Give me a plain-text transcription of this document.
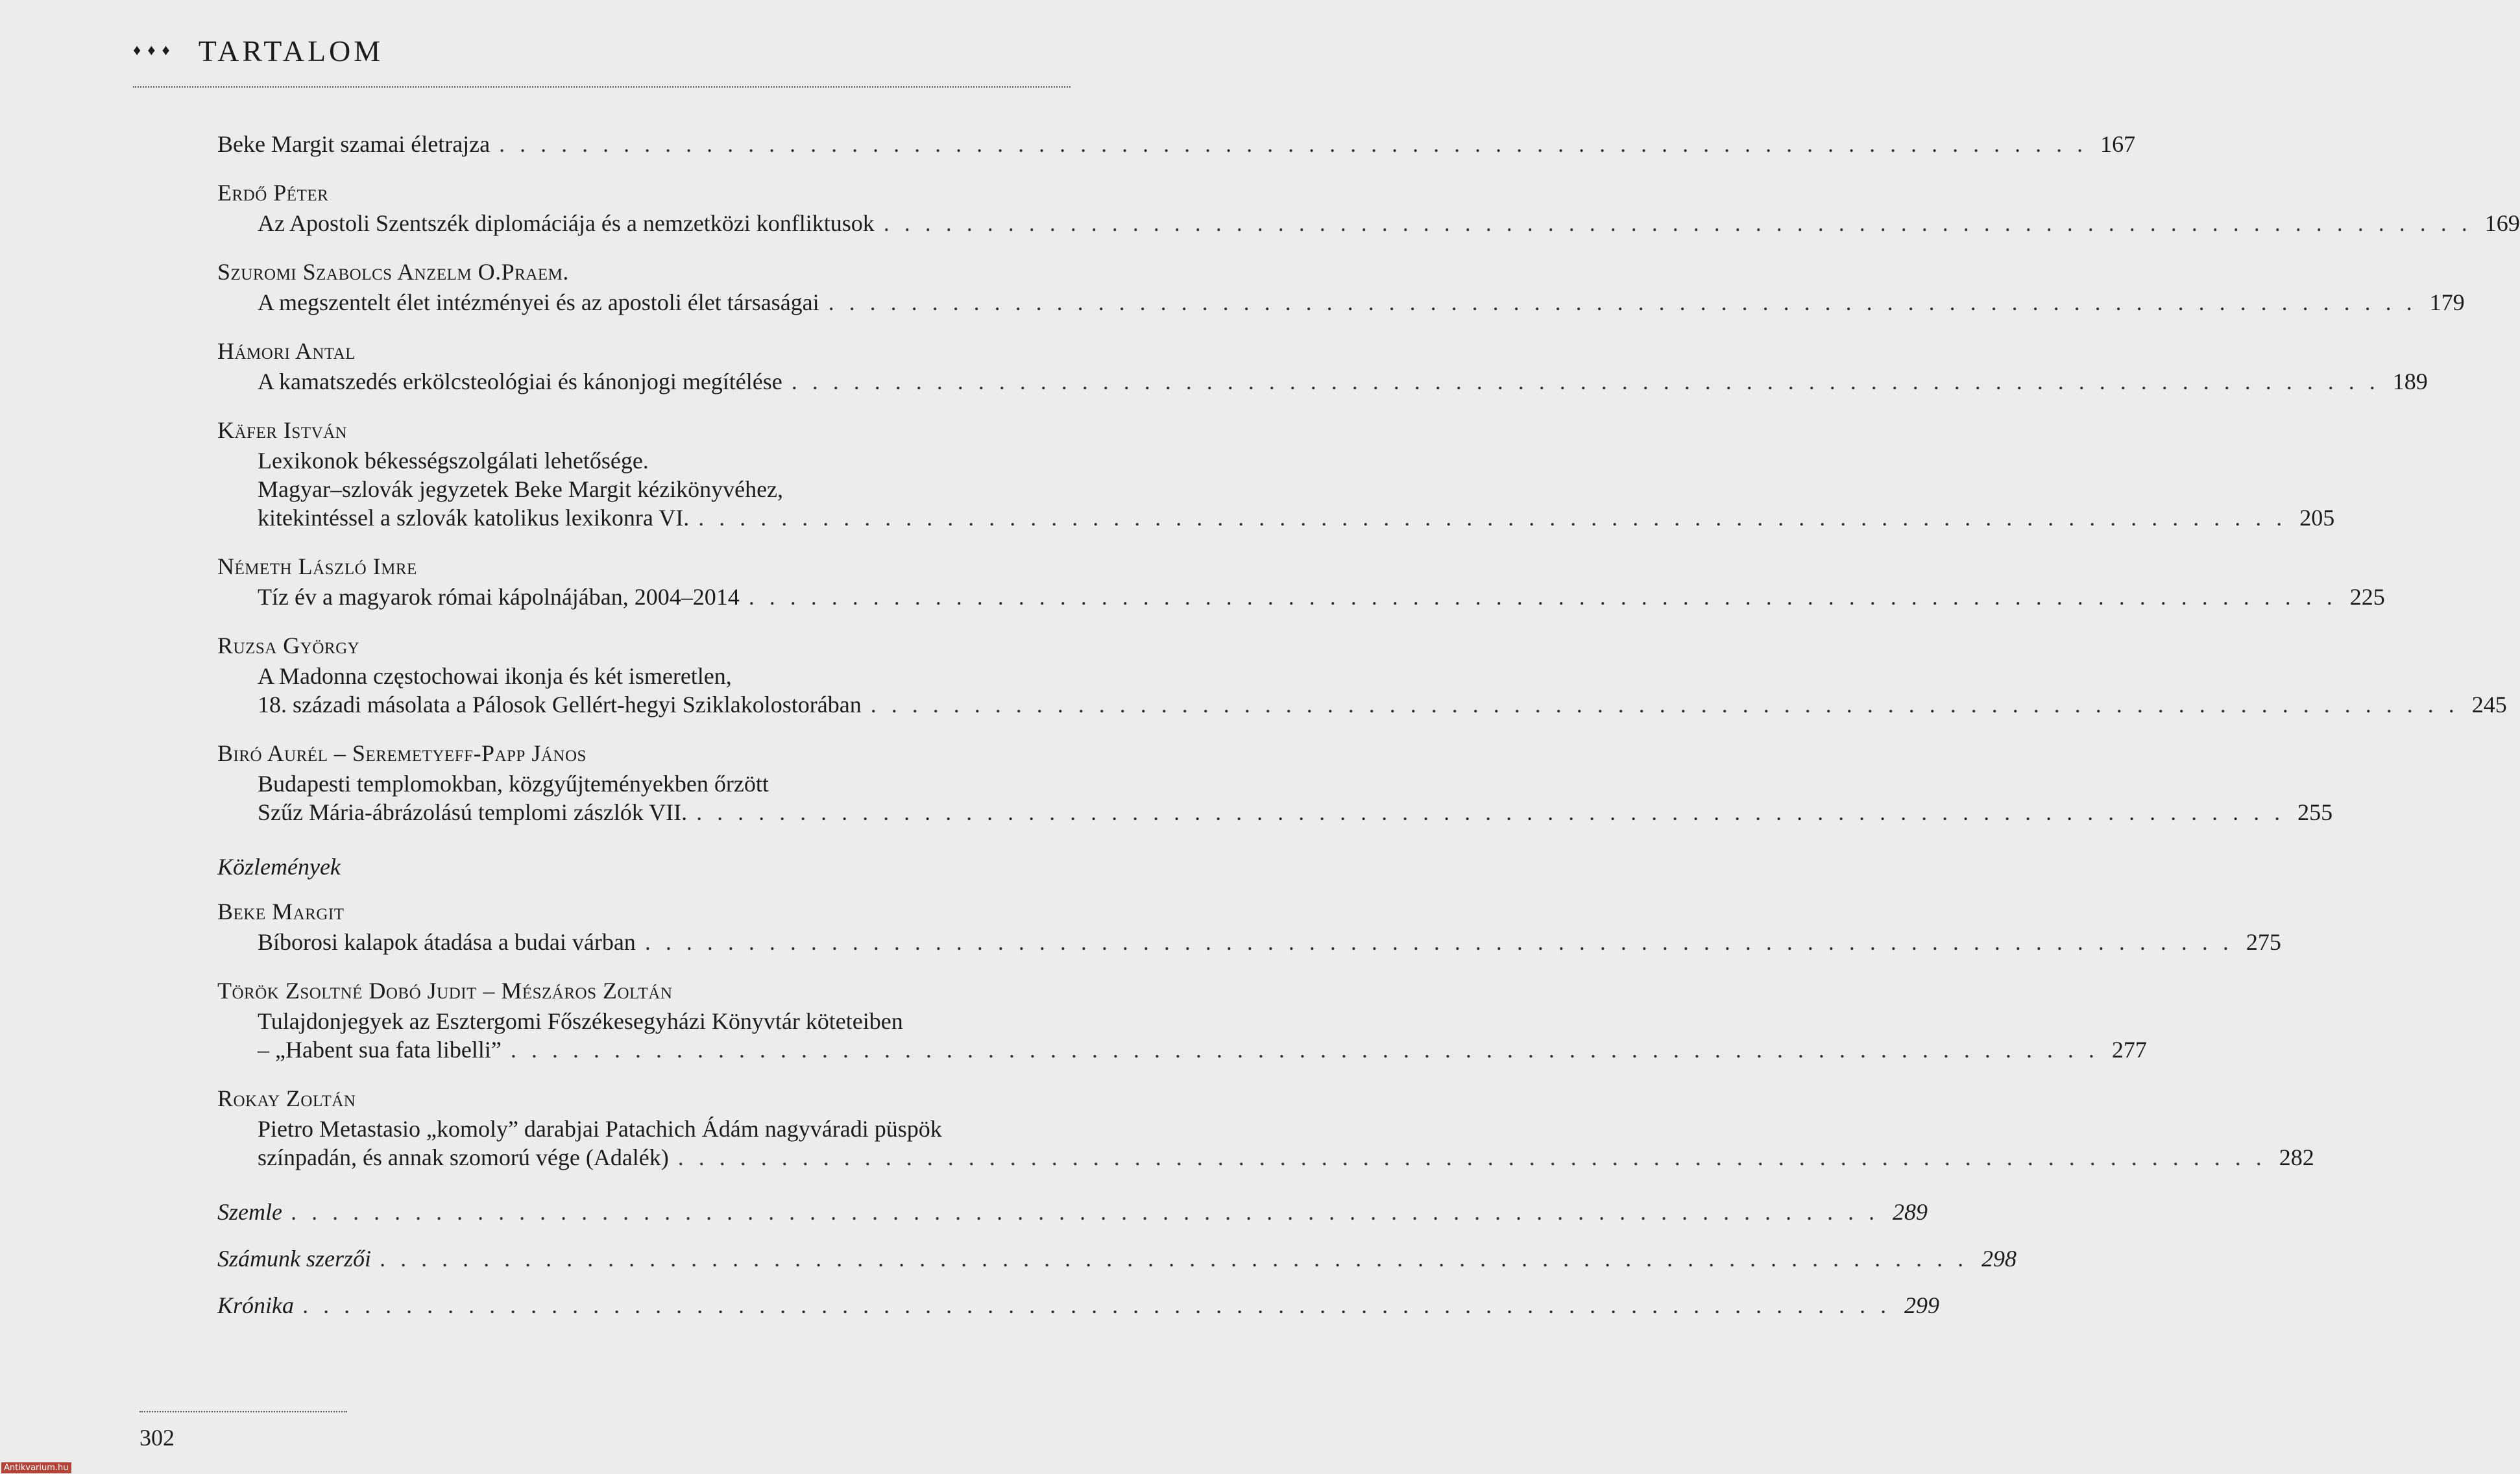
♦♦♦ TARTALOM
Beke Margit szamai életrajza . . . . . . . . . . . . . . . . . . . . . . . . . . . . . . . . . . . . . . . . . . . . . . . . . . . . . . . . . . . . . . . . . . . . . . . . . . . . . 167
Erdő Péter
Az Apostoli Szentszék diplomáciája és a nemzetközi konfliktusok . . . . . . . . . . . . . . . . . . . . . . . . . . . . . . . . . . . . . . . . . . . . . . . . . . . . . . . . . . . . . . . . . . . . . . . . . . . . . 169
Szuromi Szabolcs Anzelm O.Praem.
A megszentelt élet intézményei és az apostoli élet társaságai . . . . . . . . . . . . . . . . . . . . . . . . . . . . . . . . . . . . . . . . . . . . . . . . . . . . . . . . . . . . . . . . . . . . . . . . . . . . . 179
Hámori Antal
A kamatszedés erkölcsteológiai és kánonjogi megítélése . . . . . . . . . . . . . . . . . . . . . . . . . . . . . . . . . . . . . . . . . . . . . . . . . . . . . . . . . . . . . . . . . . . . . . . . . . . . . 189
Käfer István
Lexikonok békességszolgálati lehetősége.
Magyar–szlovák jegyzetek Beke Margit kézikönyvéhez,
kitekintéssel a szlovák katolikus lexikonra VI. . . . . . . . . . . . . . . . . . . . . . . . . . . . . . . . . . . . . . . . . . . . . . . . . . . . . . . . . . . . . . . . . . . . . . . . . . . . . . 205
Németh László Imre
Tíz év a magyarok római kápolnájában, 2004–2014 . . . . . . . . . . . . . . . . . . . . . . . . . . . . . . . . . . . . . . . . . . . . . . . . . . . . . . . . . . . . . . . . . . . . . . . . . . . . . 225
Ruzsa György
A Madonna częstochowai ikonja és két ismeretlen,
18. századi másolata a Pálosok Gellért-hegyi Sziklakolostorában . . . . . . . . . . . . . . . . . . . . . . . . . . . . . . . . . . . . . . . . . . . . . . . . . . . . . . . . . . . . . . . . . . . . . . . . . . . . . 245
Biró Aurél – Seremetyeff-Papp János
Budapesti templomokban, közgyűjteményekben őrzött
Szűz Mária-ábrázolású templomi zászlók VII. . . . . . . . . . . . . . . . . . . . . . . . . . . . . . . . . . . . . . . . . . . . . . . . . . . . . . . . . . . . . . . . . . . . . . . . . . . . . . 255
Közlemények
Beke Margit
Bíborosi kalapok átadása a budai várban . . . . . . . . . . . . . . . . . . . . . . . . . . . . . . . . . . . . . . . . . . . . . . . . . . . . . . . . . . . . . . . . . . . . . . . . . . . . . 275
Török Zsoltné Dobó Judit – Mészáros Zoltán
Tulajdonjegyek az Esztergomi Főszékesegyházi Könyvtár köteteiben
– „Habent sua fata libelli” . . . . . . . . . . . . . . . . . . . . . . . . . . . . . . . . . . . . . . . . . . . . . . . . . . . . . . . . . . . . . . . . . . . . . . . . . . . . . 277
Rokay Zoltán
Pietro Metastasio „komoly” darabjai Patachich Ádám nagyváradi püspök
színpadán, és annak szomorú vége (Adalék) . . . . . . . . . . . . . . . . . . . . . . . . . . . . . . . . . . . . . . . . . . . . . . . . . . . . . . . . . . . . . . . . . . . . . . . . . . . . . 282
Szemle . . . . . . . . . . . . . . . . . . . . . . . . . . . . . . . . . . . . . . . . . . . . . . . . . . . . . . . . . . . . . . . . . . . . . . . . . . . . . 289
Számunk szerzői . . . . . . . . . . . . . . . . . . . . . . . . . . . . . . . . . . . . . . . . . . . . . . . . . . . . . . . . . . . . . . . . . . . . . . . . . . . . . 298
Krónika . . . . . . . . . . . . . . . . . . . . . . . . . . . . . . . . . . . . . . . . . . . . . . . . . . . . . . . . . . . . . . . . . . . . . . . . . . . . . 299
302
Antikvarium.hu
